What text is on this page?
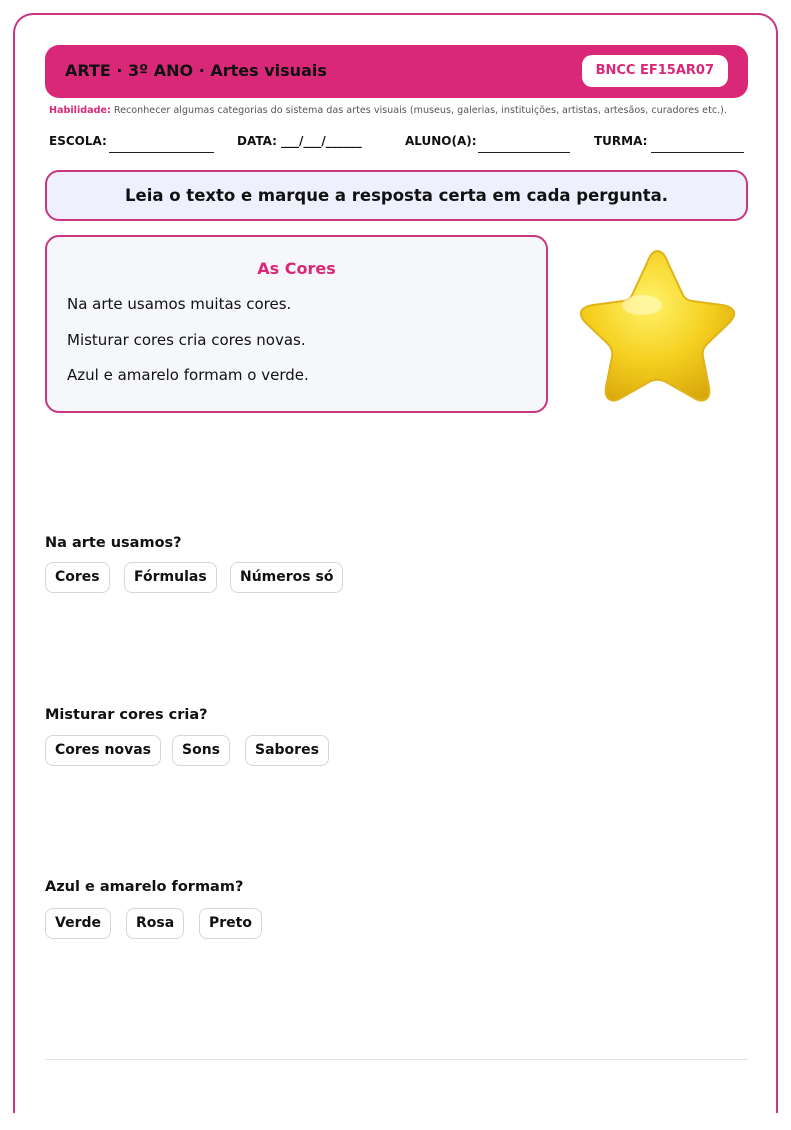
ARTE · 3º ANO · Artes visuais	BNCC EF15AR07
Habilidade: Reconhecer algumas categorias do sistema das artes visuais (museus, galerias, instituições, artistas, artesãos, curadores etc.).
ESCOLA:	DATA: ___/___/______	ALUNO(A):	TURMA:
Leia o texto e marque a resposta certa em cada pergunta.
As Cores
Na arte usamos muitas cores.
Misturar cores cria cores novas.
Azul e amarelo formam o verde.
Na arte usamos?
Cores	Fórmulas	Números só
Misturar cores cria?
Cores novas	Sons	Sabores
Azul e amarelo formam?
Verde	Rosa	Preto
